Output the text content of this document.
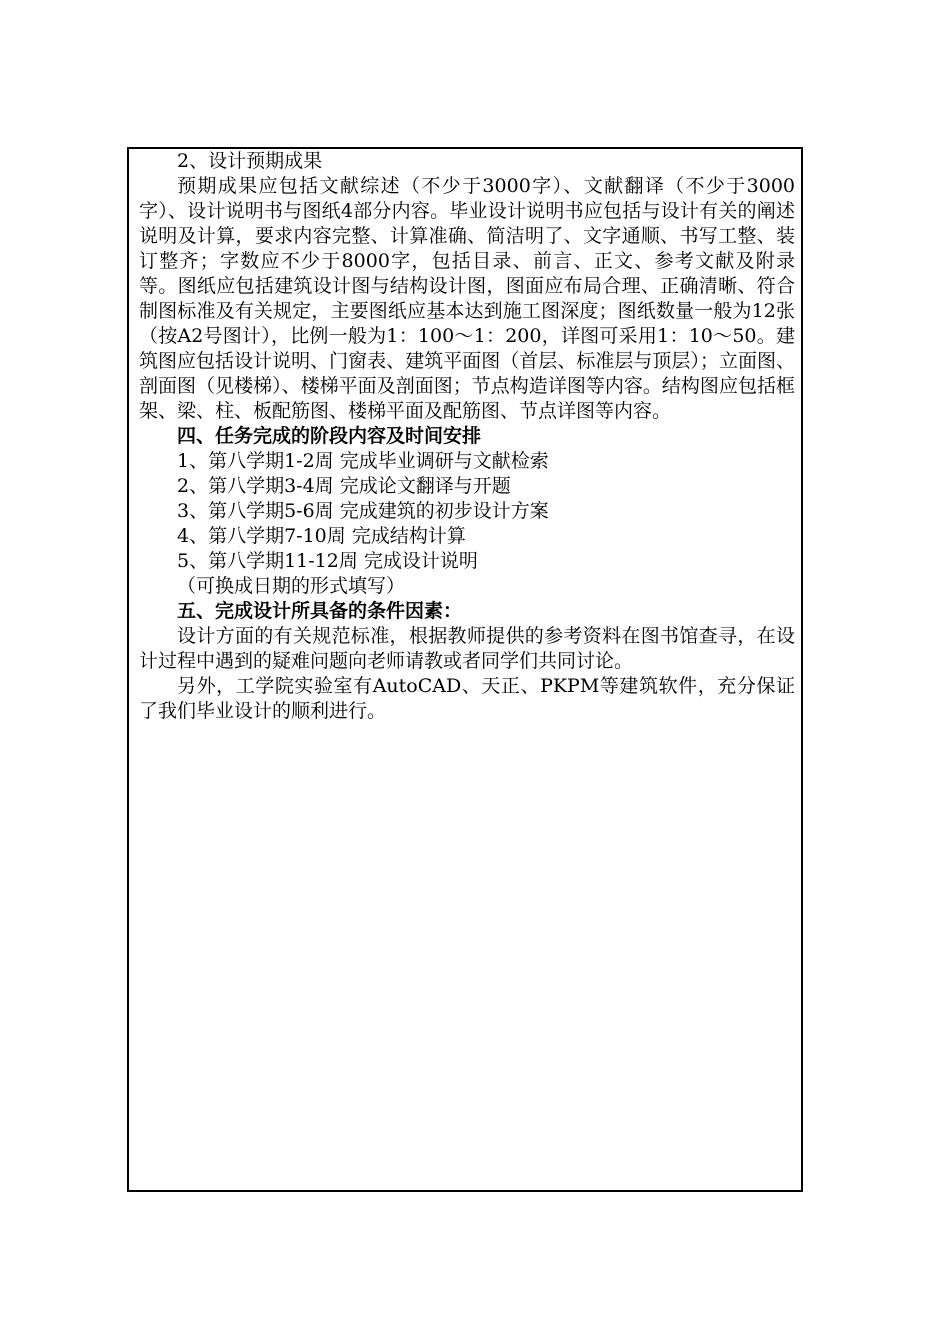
2、设计预期成果

预期成果应包括文献综述（不少于3000字）、文献翻译（不少于3000字）、设计说明书与图纸4部分内容。毕业设计说明书应包括与设计有关的阐述说明及计算，要求内容完整、计算准确、简洁明了、文字通顺、书写工整、装订整齐；字数应不少于8000字，包括目录、前言、正文、参考文献及附录等。图纸应包括建筑设计图与结构设计图，图面应布局合理、正确清晰、符合制图标准及有关规定，主要图纸应基本达到施工图深度；图纸数量一般为12张（按A2号图计），比例一般为1：100～1：200，详图可采用1：10～50。建筑图应包括设计说明、门窗表、建筑平面图（首层、标准层与顶层）；立面图、剖面图（见楼梯）、楼梯平面及剖面图；节点构造详图等内容。结构图应包括框架、梁、柱、板配筋图、楼梯平面及配筋图、节点详图等内容。

四、任务完成的阶段内容及时间安排

1、第八学期1-2周 完成毕业调研与文献检索

2、第八学期3-4周 完成论文翻译与开题

3、第八学期5-6周 完成建筑的初步设计方案

4、第八学期7-10周 完成结构计算

5、第八学期11-12周 完成设计说明

（可换成日期的形式填写）

五、完成设计所具备的条件因素：

设计方面的有关规范标准，根据教师提供的参考资料在图书馆查寻，在设计过程中遇到的疑难问题向老师请教或者同学们共同讨论。

另外，工学院实验室有AutoCAD、天正、PKPM等建筑软件，充分保证了我们毕业设计的顺利进行。
